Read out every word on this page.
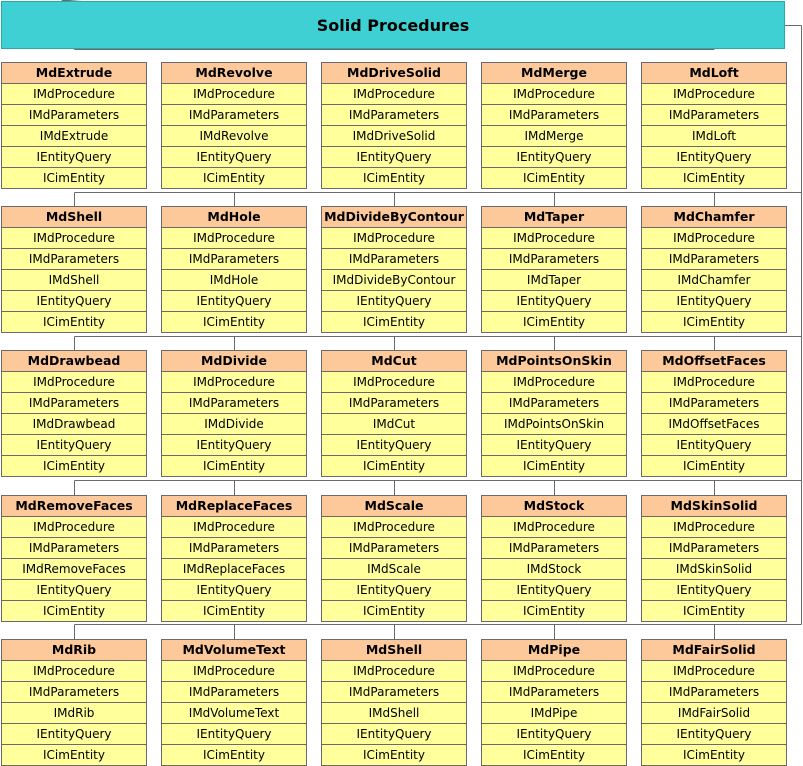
Solid Procedures
MdExtrude
IMdProcedure
IMdParameters
IMdExtrude
IEntityQuery
ICimEntity
MdRevolve
IMdProcedure
IMdParameters
IMdRevolve
IEntityQuery
ICimEntity
MdDriveSolid
IMdProcedure
IMdParameters
IMdDriveSolid
IEntityQuery
ICimEntity
MdMerge
IMdProcedure
IMdParameters
IMdMerge
IEntityQuery
ICimEntity
MdLoft
IMdProcedure
IMdParameters
IMdLoft
IEntityQuery
ICimEntity
MdShell
IMdProcedure
IMdParameters
IMdShell
IEntityQuery
ICimEntity
MdHole
IMdProcedure
IMdParameters
IMdHole
IEntityQuery
ICimEntity
MdDivideByContour
IMdProcedure
IMdParameters
IMdDivideByContour
IEntityQuery
ICimEntity
MdTaper
IMdProcedure
IMdParameters
IMdTaper
IEntityQuery
ICimEntity
MdChamfer
IMdProcedure
IMdParameters
IMdChamfer
IEntityQuery
ICimEntity
MdDrawbead
IMdProcedure
IMdParameters
IMdDrawbead
IEntityQuery
ICimEntity
MdDivide
IMdProcedure
IMdParameters
IMdDivide
IEntityQuery
ICimEntity
MdCut
IMdProcedure
IMdParameters
IMdCut
IEntityQuery
ICimEntity
MdPointsOnSkin
IMdProcedure
IMdParameters
IMdPointsOnSkin
IEntityQuery
ICimEntity
MdOffsetFaces
IMdProcedure
IMdParameters
IMdOffsetFaces
IEntityQuery
ICimEntity
MdRemoveFaces
IMdProcedure
IMdParameters
IMdRemoveFaces
IEntityQuery
ICimEntity
MdReplaceFaces
IMdProcedure
IMdParameters
IMdReplaceFaces
IEntityQuery
ICimEntity
MdScale
IMdProcedure
IMdParameters
IMdScale
IEntityQuery
ICimEntity
MdStock
IMdProcedure
IMdParameters
IMdStock
IEntityQuery
ICimEntity
MdSkinSolid
IMdProcedure
IMdParameters
IMdSkinSolid
IEntityQuery
ICimEntity
MdRib
IMdProcedure
IMdParameters
IMdRib
IEntityQuery
ICimEntity
MdVolumeText
IMdProcedure
IMdParameters
IMdVolumeText
IEntityQuery
ICimEntity
MdShell
IMdProcedure
IMdParameters
IMdShell
IEntityQuery
ICimEntity
MdPipe
IMdProcedure
IMdParameters
IMdPipe
IEntityQuery
ICimEntity
MdFairSolid
IMdProcedure
IMdParameters
IMdFairSolid
IEntityQuery
ICimEntity
